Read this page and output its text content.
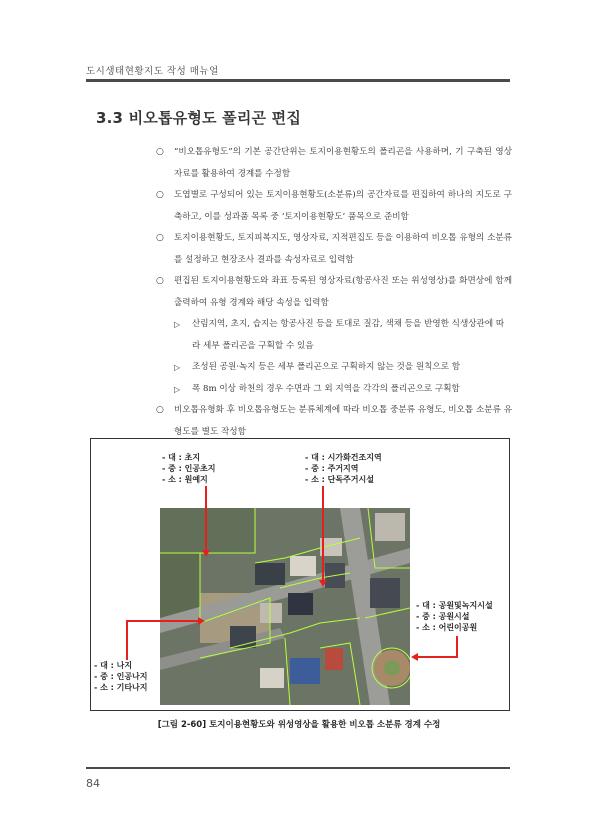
도시생태현황지도 작성 매뉴얼
3.3 비오톱유형도 폴리곤 편집
○ “비오톱유형도”의 기본 공간단위는 토지이용현황도의 폴리곤을 사용하며, 기 구축된 영상자료를 활용하여 경계를 수정함
○ 도엽별로 구성되어 있는 토지이용현황도(소분류)의 공간자료를 편집하여 하나의 지도로 구축하고, 이를 성과품 목록 중 ‘토지이용현황도’ 품목으로 준비함
○ 토지이용현황도, 토지피복지도, 영상자료, 지적편집도 등을 이용하여 비오톱 유형의 소분류를 설정하고 현장조사 결과를 속성자료로 입력함
○ 편집된 토지이용현황도와 좌표 등록된 영상자료(항공사진 또는 위성영상)를 화면상에 함께 출력하여 유형 경계와 해당 속성을 입력함
▷ 산림지역, 초지, 습지는 항공사진 등을 토대로 질감, 색채 등을 반영한 식생상관에 따라 세부 폴리곤을 구획할 수 있음
▷ 조성된 공원·녹지 등은 세부 폴리곤으로 구획하지 않는 것을 원칙으로 함
▷ 폭 8m 이상 하천의 경우 수면과 그 외 지역을 각각의 폴리곤으로 구획함
○ 비오톱유형화 후 비오톱유형도는 분류체계에 따라 비오톱 중분류 유형도, 비오톱 소분류 유형도를 별도 작성함
- 대 : 초지
- 중 : 인공초지
- 소 : 원예지
- 대 : 시가화건조지역
- 중 : 주거지역
- 소 : 단독주거시설
- 대 : 공원및녹지시설
- 중 : 공원시설
- 소 : 어린이공원
- 대 : 나지
- 중 : 인공나지
- 소 : 기타나지
[그림 2-60] 토지이용현황도와 위성영상을 활용한 비오톱 소분류 경계 수정
84
